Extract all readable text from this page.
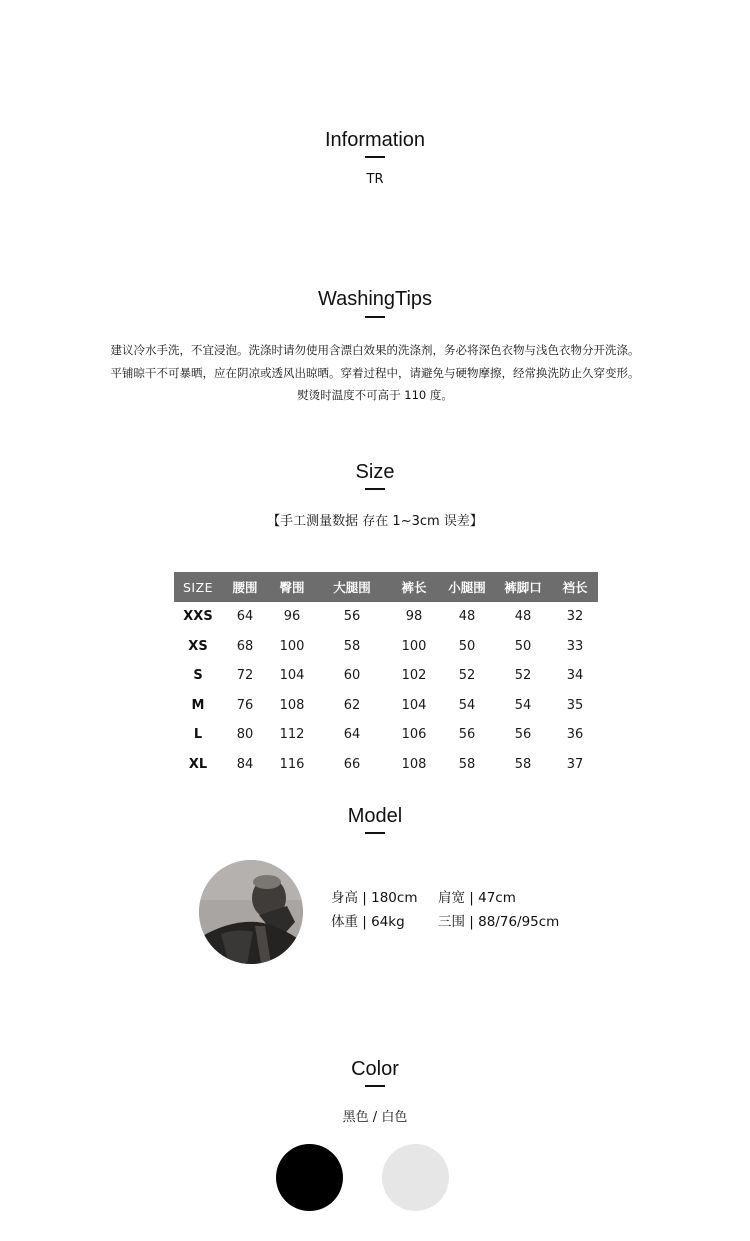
Information
TR
WashingTips

建议冷水手洗，不宜浸泡。洗涤时请勿使用含漂白效果的洗涤剂，务必将深色衣物与浅色衣物分开洗涤。

平铺晾干不可暴晒，应在阴凉或透风出晾晒。穿着过程中，请避免与硬物摩擦，经常换洗防止久穿变形。

熨烫时温度不可高于 110 度。

Size
【手工测量数据 存在 1~3cm 误差】
SIZE	腰围	臀围	大腿围	裤长	小腿围	裤脚口	裆长
XXS	64	96	56	98	48	48	32
XS	68	100	58	100	50	50	33
S	72	104	60	102	52	52	34
M	76	108	62	104	54	54	35
L	80	112	64	106	56	56	36
XL	84	116	66	108	58	58	37
Model
身高 | 180cm 肩宽 | 47cm
体重 | 64kg 三围 | 88/76/95cm
Color
黑色 / 白色
